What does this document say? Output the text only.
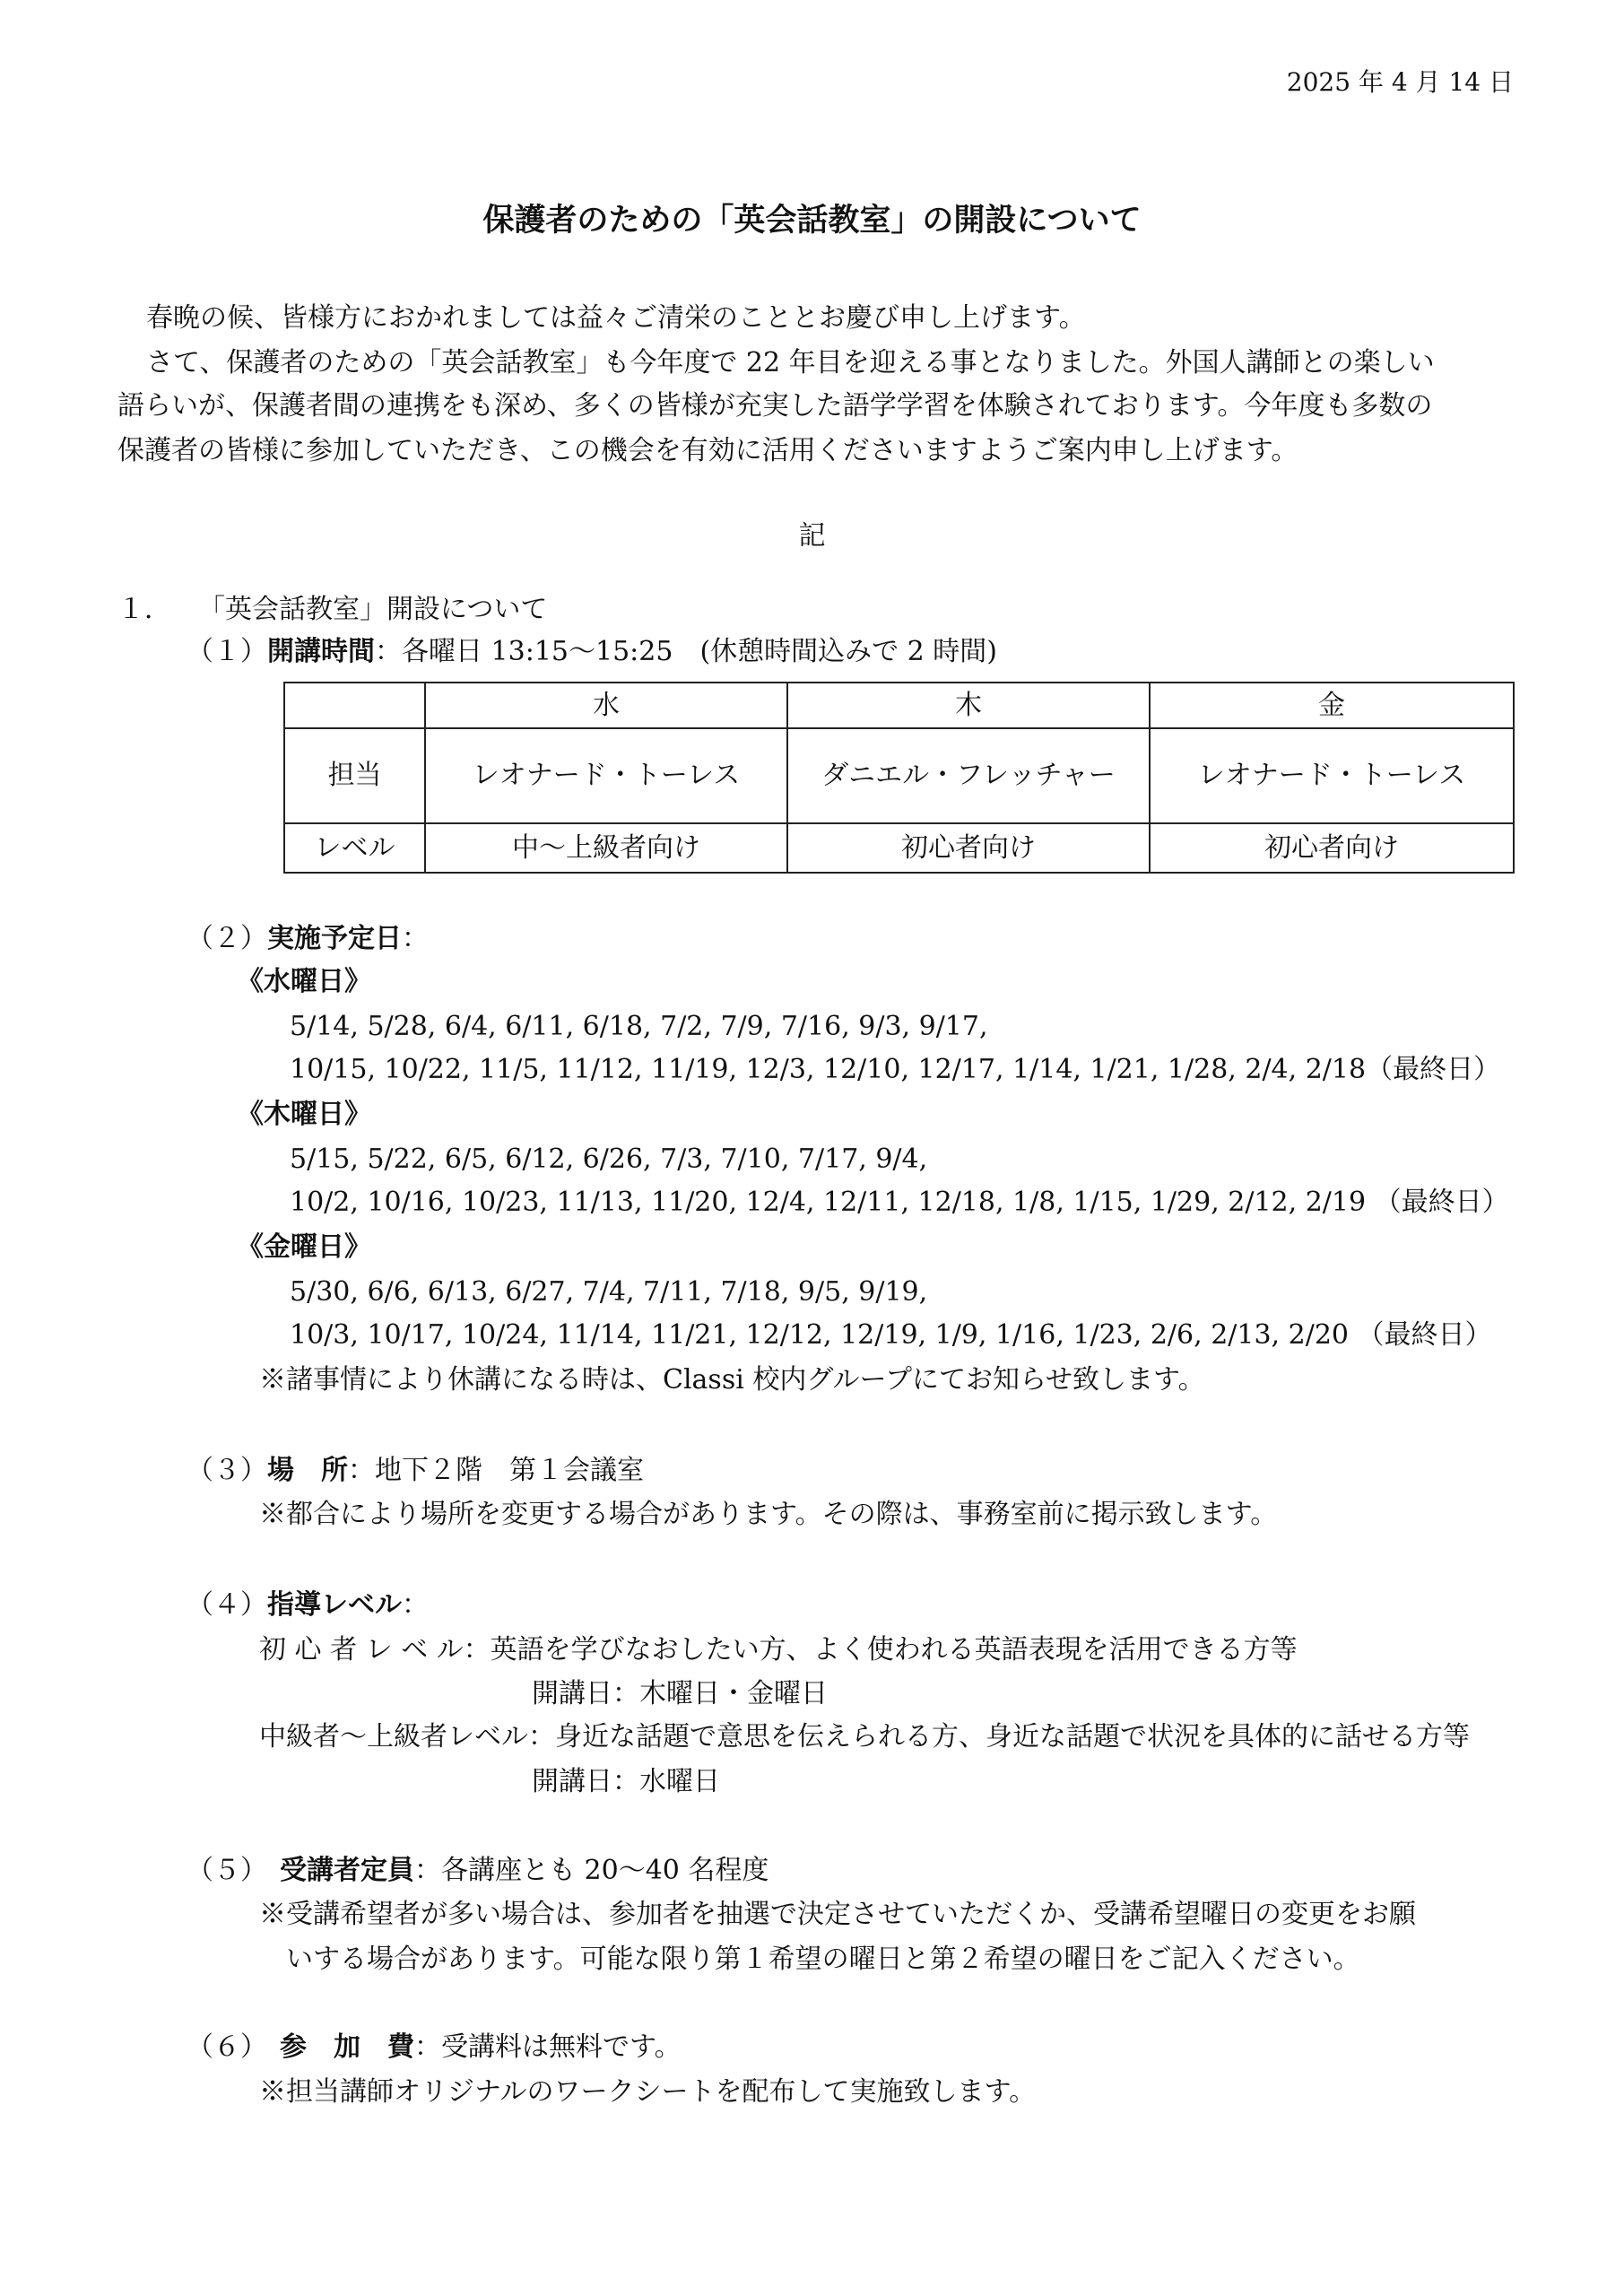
2025 年 4 月 14 日
保護者のための「英会話教室」の開設について
春晩の候、皆様方におかれましては益々ご清栄のこととお慶び申し上げます。
さて、保護者のための「英会話教室」も今年度で 22 年目を迎える事となりました。外国人講師との楽しい
語らいが、保護者間の連携をも深め、多くの皆様が充実した語学学習を体験されております。今年度も多数の
保護者の皆様に参加していただき、この機会を有効に活用くださいますようご案内申し上げます。
記
１． 「英会話教室」開設について
（１）開講時間：各曜日 13:15～15:25　(休憩時間込みで 2 時間)
	水	木	金
担当	レオナード・トーレス	ダニエル・フレッチャー	レオナード・トーレス
レベル	中～上級者向け	初心者向け	初心者向け
（２）実施予定日：
《水曜日》
5/14, 5/28, 6/4, 6/11, 6/18, 7/2, 7/9, 7/16, 9/3, 9/17,
10/15, 10/22, 11/5, 11/12, 11/19, 12/3, 12/10, 12/17, 1/14, 1/21, 1/28, 2/4, 2/18（最終日）
《木曜日》
5/15, 5/22, 6/5, 6/12, 6/26, 7/3, 7/10, 7/17, 9/4,
10/2, 10/16, 10/23, 11/13, 11/20, 12/4, 12/11, 12/18, 1/8, 1/15, 1/29, 2/12, 2/19 （最終日）
《金曜日》
5/30, 6/6, 6/13, 6/27, 7/4, 7/11, 7/18, 9/5, 9/19,
10/3, 10/17, 10/24, 11/14, 11/21, 12/12, 12/19, 1/9, 1/16, 1/23, 2/6, 2/13, 2/20 （最終日）
※諸事情により休講になる時は、Classi 校内グループにてお知らせ致します。
（３）場　所：地下２階　第１会議室
※都合により場所を変更する場合があります。その際は、事務室前に掲示致します。
（４）指導レベル：
初 心 者 レ ベ ル：英語を学びなおしたい方、よく使われる英語表現を活用できる方等
開講日：木曜日・金曜日
中級者～上級者レベル：身近な話題で意思を伝えられる方、身近な話題で状況を具体的に話せる方等
開講日：水曜日
（５） 受講者定員：各講座とも 20～40 名程度
※受講希望者が多い場合は、参加者を抽選で決定させていただくか、受講希望曜日の変更をお願
いする場合があります。可能な限り第１希望の曜日と第２希望の曜日をご記入ください。
（６） 参　加　費：受講料は無料です。
※担当講師オリジナルのワークシートを配布して実施致します。
